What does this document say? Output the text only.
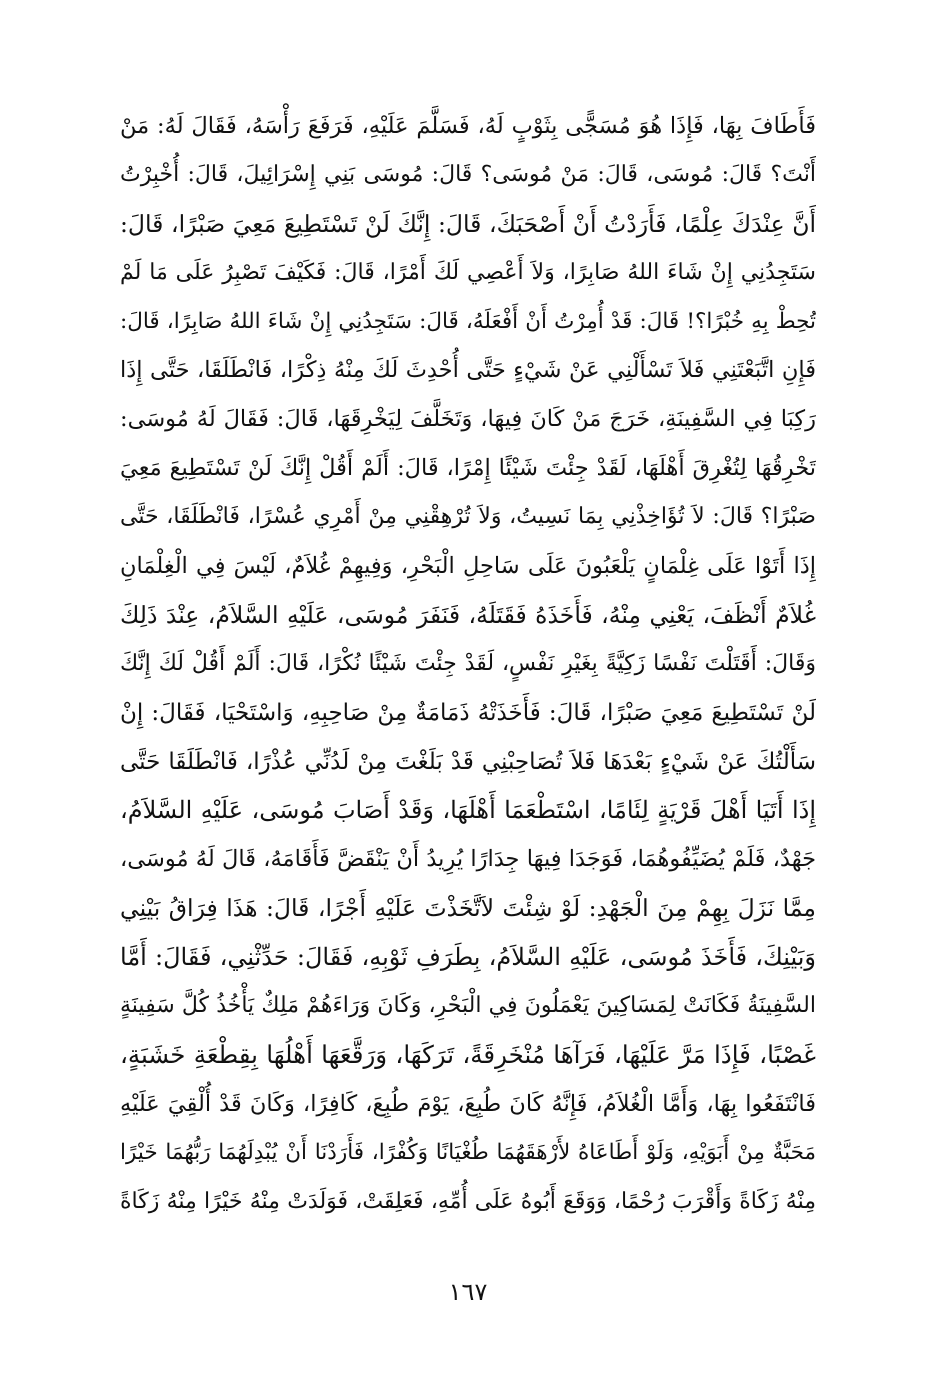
فَأَطَافَ بِهَا، فَإِذَا هُوَ مُسَجًّى بِثَوْبٍ لَهُ، فَسَلَّمَ عَلَيْهِ، فَرَفَعَ رَأْسَهُ، فَقَالَ لَهُ: مَنْ
أَنْتَ؟ قَالَ: مُوسَى، قَالَ: مَنْ مُوسَى؟ قَالَ: مُوسَى بَنِي إِسْرَائِيلَ، قَالَ: أُخْبِرْتُ
أَنَّ عِنْدَكَ عِلْمًا، فَأَرَدْتُ أَنْ أَصْحَبَكَ، قَالَ: إِنَّكَ لَنْ تَسْتَطِيعَ مَعِيَ صَبْرًا، قَالَ:
سَتَجِدُنِي إِنْ شَاءَ اللهُ صَابِرًا، وَلاَ أَعْصِي لَكَ أَمْرًا، قَالَ: فَكَيْفَ تَصْبِرُ عَلَى مَا لَمْ
تُحِطْ بِهِ خُبْرًا؟! قَالَ: قَدْ أُمِرْتُ أَنْ أَفْعَلَهُ، قَالَ: سَتَجِدُنِي إِنْ شَاءَ اللهُ صَابِرًا، قَالَ:
فَإِنِ اتَّبَعْتَنِي فَلاَ تَسْأَلْنِي عَنْ شَيْءٍ حَتَّى أُحْدِثَ لَكَ مِنْهُ ذِكْرًا، فَانْطَلَقَا، حَتَّى إِذَا
رَكِبَا فِي السَّفِينَةِ، خَرَجَ مَنْ كَانَ فِيهَا، وَتَخَلَّفَ لِيَخْرِقَهَا، قَالَ: فَقَالَ لَهُ مُوسَى:
تَخْرِقُهَا لِتُغْرِقَ أَهْلَهَا، لَقَدْ جِئْتَ شَيْئًا إِمْرًا، قَالَ: أَلَمْ أَقُلْ إِنَّكَ لَنْ تَسْتَطِيعَ مَعِيَ
صَبْرًا؟ قَالَ: لاَ تُؤَاخِذْنِي بِمَا نَسِيتُ، وَلاَ تُرْهِقْنِي مِنْ أَمْرِي عُسْرًا، فَانْطَلَقَا، حَتَّى
إِذَا أَتَوْا عَلَى غِلْمَانٍ يَلْعَبُونَ عَلَى سَاحِلِ الْبَحْرِ، وَفِيهِمْ غُلاَمٌ، لَيْسَ فِي الْغِلْمَانِ
غُلاَمٌ أَنْظَفَ، يَعْنِي مِنْهُ، فَأَخَذَهُ فَقَتَلَهُ، فَنَفَرَ مُوسَى، عَلَيْهِ السَّلاَمُ، عِنْدَ ذَلِكَ
وَقَالَ: أَقَتَلْتَ نَفْسًا زَكِيَّةً بِغَيْرِ نَفْسٍ، لَقَدْ جِئْتَ شَيْئًا نُكْرًا، قَالَ: أَلَمْ أَقُلْ لَكَ إِنَّكَ
لَنْ تَسْتَطِيعَ مَعِيَ صَبْرًا، قَالَ: فَأَخَذَتْهُ ذَمَامَةٌ مِنْ صَاحِبِهِ، وَاسْتَحْيَا، فَقَالَ: إِنْ
سَأَلْتُكَ عَنْ شَيْءٍ بَعْدَهَا فَلاَ تُصَاحِبْنِي قَدْ بَلَغْتَ مِنْ لَدُنِّي عُذْرًا، فَانْطَلَقَا حَتَّى
إِذَا أَتَيَا أَهْلَ قَرْيَةٍ لِئَامًا، اسْتَطْعَمَا أَهْلَهَا، وَقَدْ أَصَابَ مُوسَى، عَلَيْهِ السَّلاَمُ،
جَهْدٌ، فَلَمْ يُضَيِّفُوهُمَا، فَوَجَدَا فِيهَا جِدَارًا يُرِيدُ أَنْ يَنْقَضَّ فَأَقَامَهُ، قَالَ لَهُ مُوسَى،
مِمَّا نَزَلَ بِهِمْ مِنَ الْجَهْدِ: لَوْ شِئْتَ لاَتَّخَذْتَ عَلَيْهِ أَجْرًا، قَالَ: هَذَا فِرَاقُ بَيْنِي
وَبَيْنِكَ، فَأَخَذَ مُوسَى، عَلَيْهِ السَّلاَمُ، بِطَرَفِ ثَوْبِهِ، فَقَالَ: حَدِّثْنِي، فَقَالَ: أَمَّا
السَّفِينَةُ فَكَانَتْ لِمَسَاكِينَ يَعْمَلُونَ فِي الْبَحْرِ، وَكَانَ وَرَاءَهُمْ مَلِكٌ يَأْخُذُ كُلَّ سَفِينَةٍ
غَصْبًا، فَإِذَا مَرَّ عَلَيْهَا، فَرَآهَا مُنْخَرِقَةً، تَرَكَهَا، وَرَقَّعَهَا أَهْلُهَا بِقِطْعَةِ خَشَبَةٍ،
فَانْتَفَعُوا بِهَا، وَأَمَّا الْغُلاَمُ، فَإِنَّهُ كَانَ طُبِعَ، يَوْمَ طُبِعَ، كَافِرًا، وَكَانَ قَدْ أُلْقِيَ عَلَيْهِ
مَحَبَّةٌ مِنْ أَبَوَيْهِ، وَلَوْ أَطَاعَاهُ لأَرْهَقَهُمَا طُغْيَانًا وَكُفْرًا، فَأَرَدْنَا أَنْ يُبْدِلَهُمَا رَبُّهُمَا خَيْرًا
مِنْهُ زَكَاةً وَأَقْرَبَ رُحْمًا، وَوَقَعَ أَبُوهُ عَلَى أُمِّهِ، فَعَلِقَتْ، فَوَلَدَتْ مِنْهُ خَيْرًا مِنْهُ زَكَاةً
١٦٧
